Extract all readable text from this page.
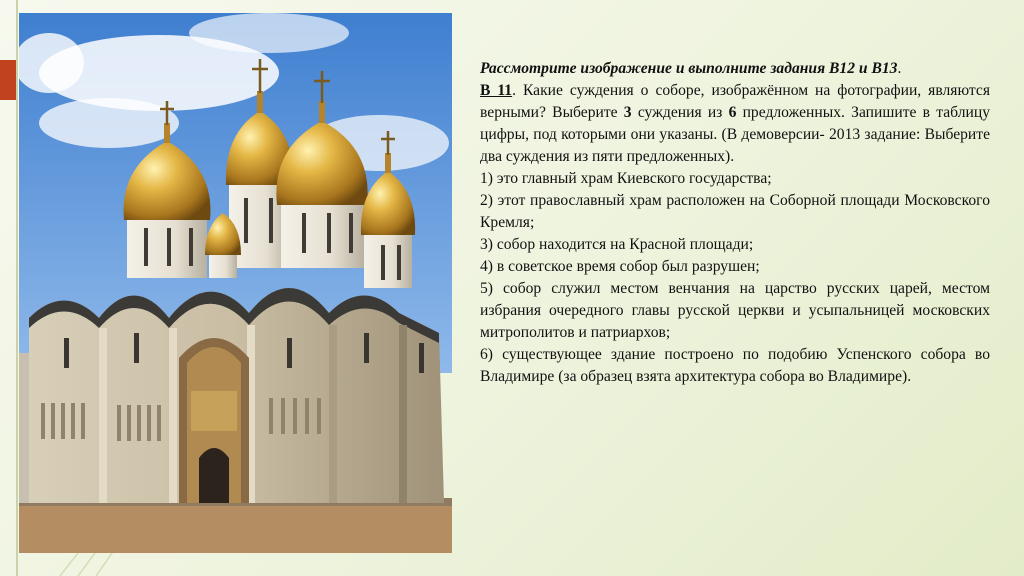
Рассмотрите изображение и выполните задания В12 и В13.

В 11. Какие суждения о соборе, изображённом на фотографии, являются верными? Выберите 3 суждения из 6 предложенных. Запишите в таблицу цифры, под которыми они указаны. (В демоверсии- 2013 задание: Выберите два суждения из пяти предложенных).

1) это главный храм Киевского государства;

2) этот православный храм расположен на Соборной площади Московского Кремля;

3) собор находится на Красной площади;

4) в советское время собор был разрушен;

5) собор служил местом венчания на царство русских царей, местом избрания очередного главы русской церкви и усыпальницей московских митрополитов и патриархов;

6) существующее здание построено по подобию Успенского собора во Владимире (за образец взята архитектура собора во Владимире).
